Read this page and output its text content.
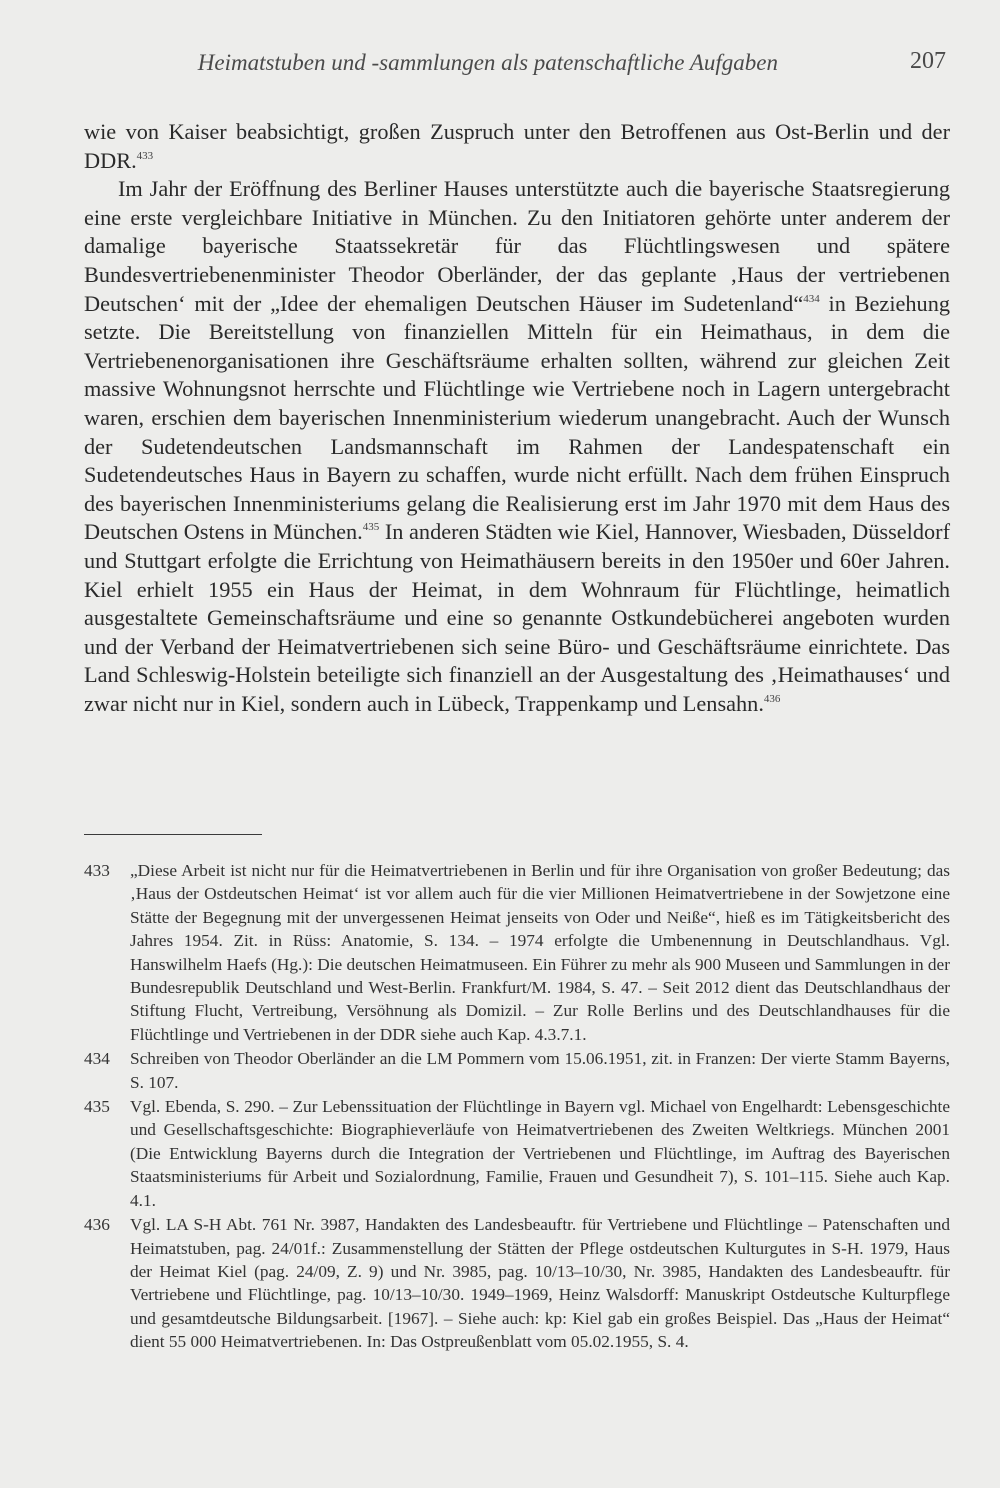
Heimatstuben und -sammlungen als patenschaftliche Aufgaben	207

wie von Kaiser beabsichtigt, großen Zuspruch unter den Betroffenen aus Ost-Berlin und der DDR.$^{433}$

Im Jahr der Eröffnung des Berliner Hauses unterstützte auch die bayerische Staatsregierung eine erste vergleichbare Initiative in München. Zu den Initiatoren gehörte unter anderem der damalige bayerische Staatssekretär für das Flüchtlingswesen und spätere Bundesvertriebenenminister Theodor Oberländer, der das geplante ‚Haus der vertriebenen Deutschen‘ mit der „Idee der ehemaligen Deutschen Häuser im Sudetenland“$^{434}$ in Beziehung setzte. Die Bereitstellung von finanziellen Mitteln für ein Heimathaus, in dem die Vertriebenenorganisationen ihre Geschäftsräume erhalten sollten, während zur gleichen Zeit massive Wohnungsnot herrschte und Flüchtlinge wie Vertriebene noch in Lagern untergebracht waren, erschien dem bayerischen Innenministerium wiederum unangebracht. Auch der Wunsch der Sudetendeutschen Landsmannschaft im Rahmen der Landespatenschaft ein Sudetendeutsches Haus in Bayern zu schaffen, wurde nicht erfüllt. Nach dem frühen Einspruch des bayerischen Innenministeriums gelang die Realisierung erst im Jahr 1970 mit dem Haus des Deutschen Ostens in München.$^{435}$ In anderen Städten wie Kiel, Hannover, Wiesbaden, Düsseldorf und Stuttgart erfolgte die Errichtung von Heimathäusern bereits in den 1950er und 60er Jahren. Kiel erhielt 1955 ein Haus der Heimat, in dem Wohnraum für Flüchtlinge, heimatlich ausgestaltete Gemeinschaftsräume und eine so genannte Ostkundebücherei angeboten wurden und der Verband der Heimatvertriebenen sich seine Büro- und Geschäftsräume einrichtete. Das Land Schleswig-Holstein beteiligte sich finanziell an der Ausgestaltung des ‚Heimathauses‘ und zwar nicht nur in Kiel, sondern auch in Lübeck, Trappenkamp und Lensahn.$^{436}$

433	„Diese Arbeit ist nicht nur für die Heimatvertriebenen in Berlin und für ihre Organisation von großer Bedeutung; das ‚Haus der Ostdeutschen Heimat‘ ist vor allem auch für die vier Millionen Heimatvertriebene in der Sowjetzone eine Stätte der Begegnung mit der unvergessenen Heimat jenseits von Oder und Neiße“, hieß es im Tätigkeitsbericht des Jahres 1954. Zit. in Rüss: Anatomie, S. 134. – 1974 erfolgte die Umbenennung in Deutschlandhaus. Vgl. Hanswilhelm Haefs (Hg.): Die deutschen Heimatmuseen. Ein Führer zu mehr als 900 Museen und Sammlungen in der Bundesrepublik Deutschland und West-Berlin. Frankfurt/M. 1984, S. 47. – Seit 2012 dient das Deutschlandhaus der Stiftung Flucht, Vertreibung, Versöhnung als Domizil. – Zur Rolle Berlins und des Deutschlandhauses für die Flüchtlinge und Vertriebenen in der DDR siehe auch Kap. 4.3.7.1.
434	Schreiben von Theodor Oberländer an die LM Pommern vom 15.06.1951, zit. in Franzen: Der vierte Stamm Bayerns, S. 107.
435	Vgl. Ebenda, S. 290. – Zur Lebenssituation der Flüchtlinge in Bayern vgl. Michael von Engelhardt: Lebensgeschichte und Gesellschaftsgeschichte: Biographieverläufe von Heimatvertriebenen des Zweiten Weltkriegs. München 2001 (Die Entwicklung Bayerns durch die Integration der Vertriebenen und Flüchtlinge, im Auftrag des Bayerischen Staatsministeriums für Arbeit und Sozialordnung, Familie, Frauen und Gesundheit 7), S. 101–115. Siehe auch Kap. 4.1.
436	Vgl. LA S-H Abt. 761 Nr. 3987, Handakten des Landesbeauftr. für Vertriebene und Flüchtlinge – Patenschaften und Heimatstuben, pag. 24/01f.: Zusammenstellung der Stätten der Pflege ostdeutschen Kulturgutes in S-H. 1979, Haus der Heimat Kiel (pag. 24/09, Z. 9) und Nr. 3985, pag. 10/13–10/30, Nr. 3985, Handakten des Landesbeauftr. für Vertriebene und Flüchtlinge, pag. 10/13–10/30. 1949–1969, Heinz Walsdorff: Manuskript Ostdeutsche Kulturpflege und gesamtdeutsche Bildungsarbeit. [1967]. – Siehe auch: kp: Kiel gab ein großes Beispiel. Das „Haus der Heimat“ dient 55 000 Heimatvertriebenen. In: Das Ostpreußenblatt vom 05.02.1955, S. 4.
